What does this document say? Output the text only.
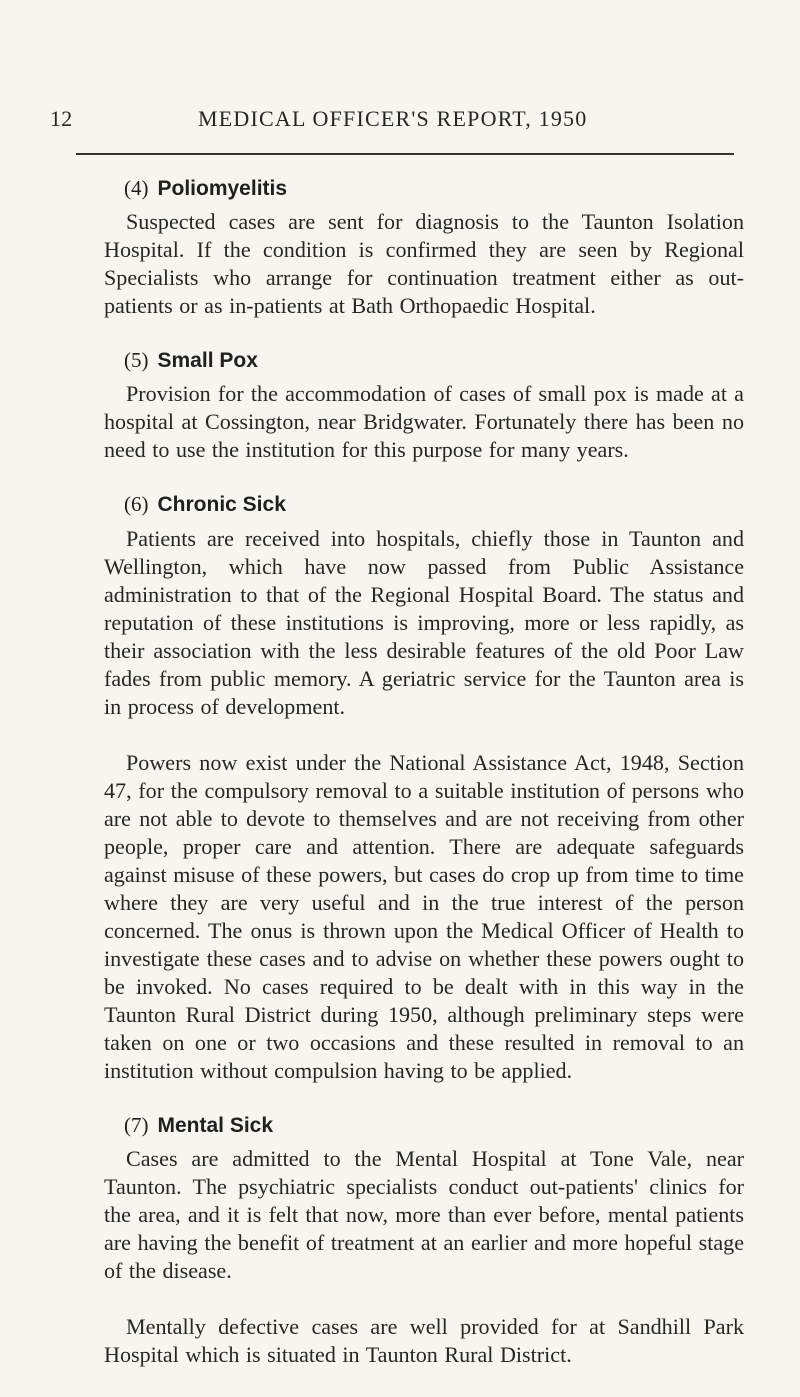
12	MEDICAL OFFICER'S REPORT, 1950
(4) Poliomyelitis

Suspected cases are sent for diagnosis to the Taunton Isolation Hospital. If the condition is confirmed they are seen by Regional Specialists who arrange for continuation treatment either as out-patients or as in-patients at Bath Orthopaedic Hospital.

(5) Small Pox

Provision for the accommodation of cases of small pox is made at a hospital at Cossington, near Bridgwater. Fortunately there has been no need to use the institution for this purpose for many years.

(6) Chronic Sick

Patients are received into hospitals, chiefly those in Taunton and Wellington, which have now passed from Public Assistance administration to that of the Regional Hospital Board. The status and reputation of these institutions is improving, more or less rapidly, as their association with the less desirable features of the old Poor Law fades from public memory. A geriatric service for the Taunton area is in process of development.

Powers now exist under the National Assistance Act, 1948, Section 47, for the compulsory removal to a suitable institution of persons who are not able to devote to themselves and are not receiving from other people, proper care and attention. There are adequate safeguards against misuse of these powers, but cases do crop up from time to time where they are very useful and in the true interest of the person concerned. The onus is thrown upon the Medical Officer of Health to investigate these cases and to advise on whether these powers ought to be invoked. No cases required to be dealt with in this way in the Taunton Rural District during 1950, although preliminary steps were taken on one or two occasions and these resulted in removal to an institution without compulsion having to be applied.

(7) Mental Sick

Cases are admitted to the Mental Hospital at Tone Vale, near Taunton. The psychiatric specialists conduct out-patients' clinics for the area, and it is felt that now, more than ever before, mental patients are having the benefit of treatment at an earlier and more hopeful stage of the disease.

Mentally defective cases are well provided for at Sandhill Park Hospital which is situated in Taunton Rural District.
